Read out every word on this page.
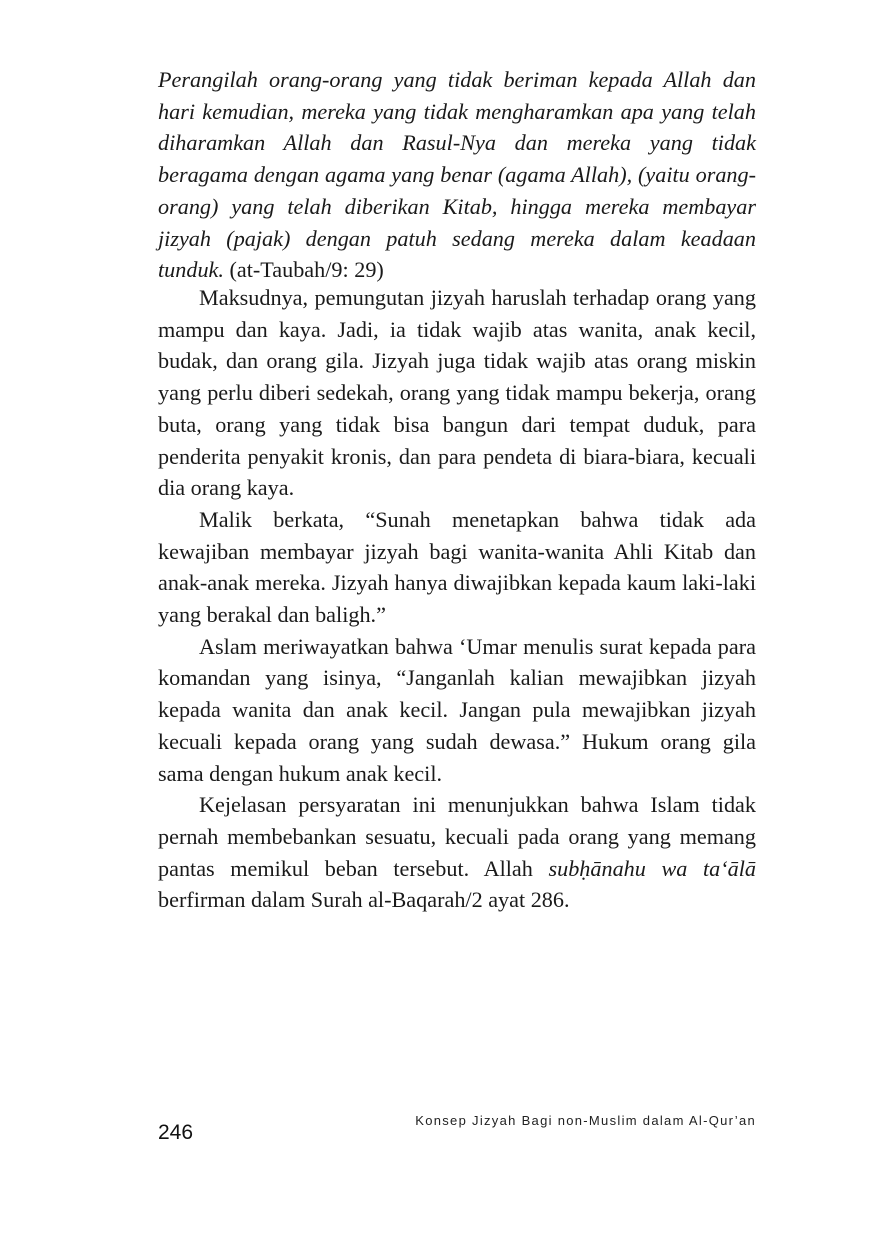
Perangilah orang-orang yang tidak beriman kepada Allah dan hari kemudian, mereka yang tidak mengharamkan apa yang telah diharamkan Allah dan Rasul-Nya dan mereka yang tidak beragama dengan agama yang benar (agama Allah), (yaitu orang-orang) yang telah diberikan Kitab, hingga mereka membayar jizyah (pajak) dengan patuh sedang mereka dalam keadaan tunduk. (at-Taubah/9: 29)

Maksudnya, pemungutan jizyah haruslah terhadap orang yang mampu dan kaya. Jadi, ia tidak wajib atas wanita, anak kecil, budak, dan orang gila. Jizyah juga tidak wajib atas orang miskin yang perlu diberi sedekah, orang yang tidak mampu bekerja, orang buta, orang yang tidak bisa bangun dari tempat duduk, para penderita penyakit kronis, dan para pendeta di biara-biara, kecuali dia orang kaya.

Malik berkata, “Sunah menetapkan bahwa tidak ada kewajiban membayar jizyah bagi wanita-wanita Ahli Kitab dan anak-anak mereka. Jizyah hanya diwajibkan kepada kaum laki-laki yang berakal dan baligh.”

Aslam meriwayatkan bahwa ‘Umar menulis surat kepada para komandan yang isinya, “Janganlah kalian mewajibkan jizyah kepada wanita dan anak kecil. Jangan pula mewajibkan jizyah kecuali kepada orang yang sudah dewasa.” Hukum orang gila sama dengan hukum anak kecil.

Kejelasan persyaratan ini menunjukkan bahwa Islam tidak pernah membebankan sesuatu, kecuali pada orang yang memang pantas memikul beban tersebut. Allah subḥānahu wa ta‘ālā berfirman dalam Surah al-Baqarah/2 ayat 286.

Konsep Jizyah Bagi non-Muslim dalam Al-Qur’an
246
